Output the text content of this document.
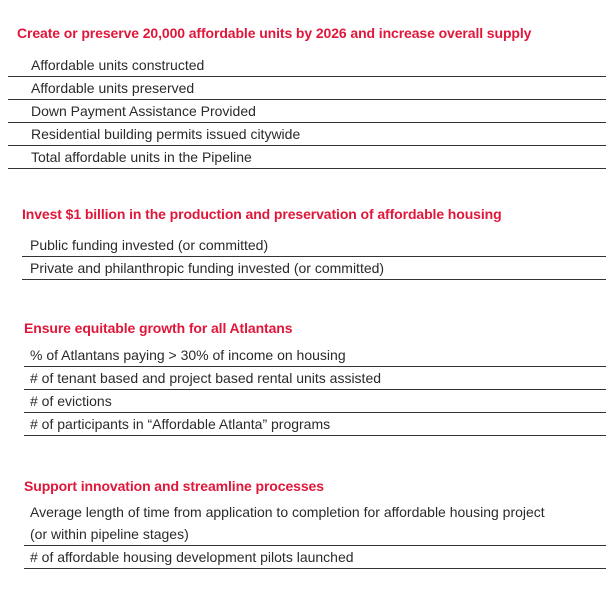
Create or preserve 20,000 affordable units by 2026 and increase overall supply
Affordable units constructed
Affordable units preserved
Down Payment Assistance Provided
Residential building permits issued citywide
Total affordable units in the Pipeline
Invest $1 billion in the production and preservation of affordable housing
Public funding invested (or committed)
Private and philanthropic funding invested (or committed)
Ensure equitable growth for all Atlantans
% of Atlantans paying > 30% of income on housing
# of tenant based and project based rental units assisted
# of evictions
# of participants in “Affordable Atlanta” programs
Support innovation and streamline processes
Average length of time from application to completion for affordable housing project
(or within pipeline stages)
# of affordable housing development pilots launched
